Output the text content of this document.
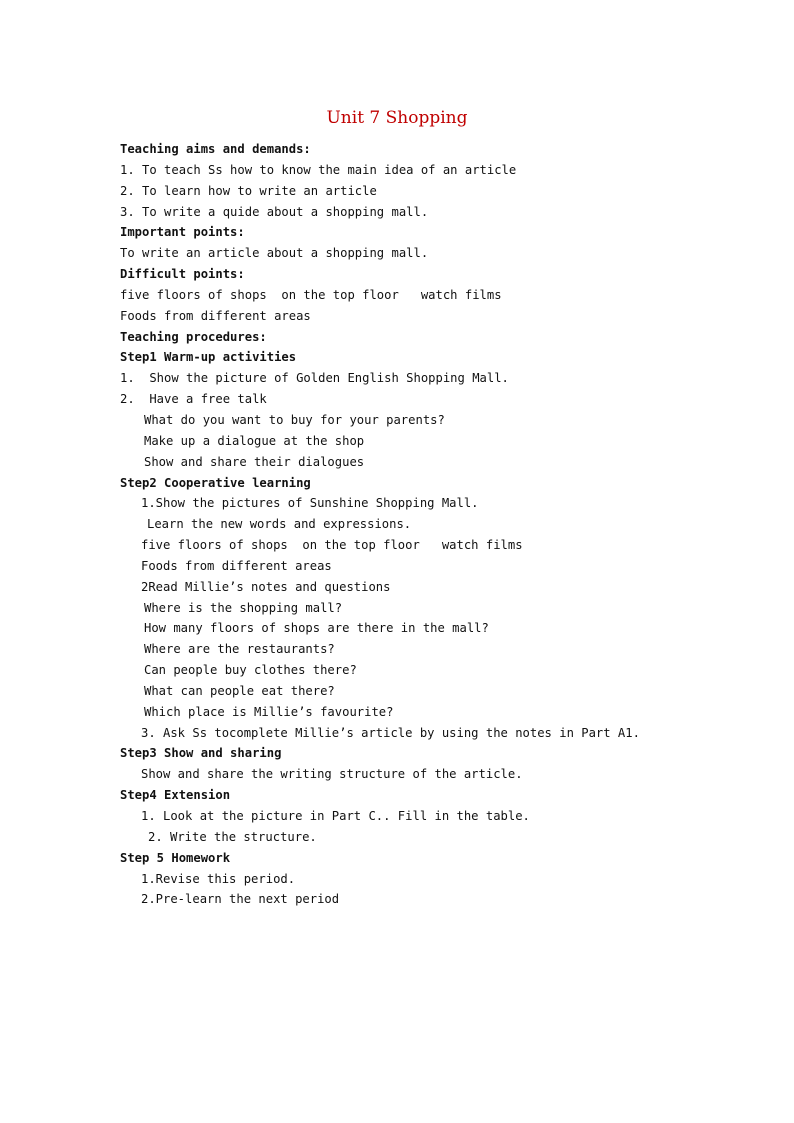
Unit 7 Shopping
Teaching aims and demands:
1. To teach Ss how to know the main idea of an article
2. To learn how to write an article
3. To write a quide about a shopping mall.
Important points:
To write an article about a shopping mall.
Difficult points:
five floors of shops  on the top floor   watch films
Foods from different areas
Teaching procedures:
Step1 Warm-up activities
1.  Show the picture of Golden English Shopping Mall.
2.  Have a free talk
What do you want to buy for your parents?
Make up a dialogue at the shop
Show and share their dialogues
Step2 Cooperative learning
1.Show the pictures of Sunshine Shopping Mall.
Learn the new words and expressions.
five floors of shops  on the top floor   watch films
Foods from different areas
2Read Millie’s notes and questions
Where is the shopping mall?
How many floors of shops are there in the mall?
Where are the restaurants?
Can people buy clothes there?
What can people eat there?
Which place is Millie’s favourite?
3. Ask Ss tocomplete Millie’s article by using the notes in Part A1.
Step3 Show and sharing
Show and share the writing structure of the article.
Step4 Extension
1. Look at the picture in Part C.. Fill in the table.
2. Write the structure.
Step 5 Homework
1.Revise this period.
2.Pre-learn the next period
